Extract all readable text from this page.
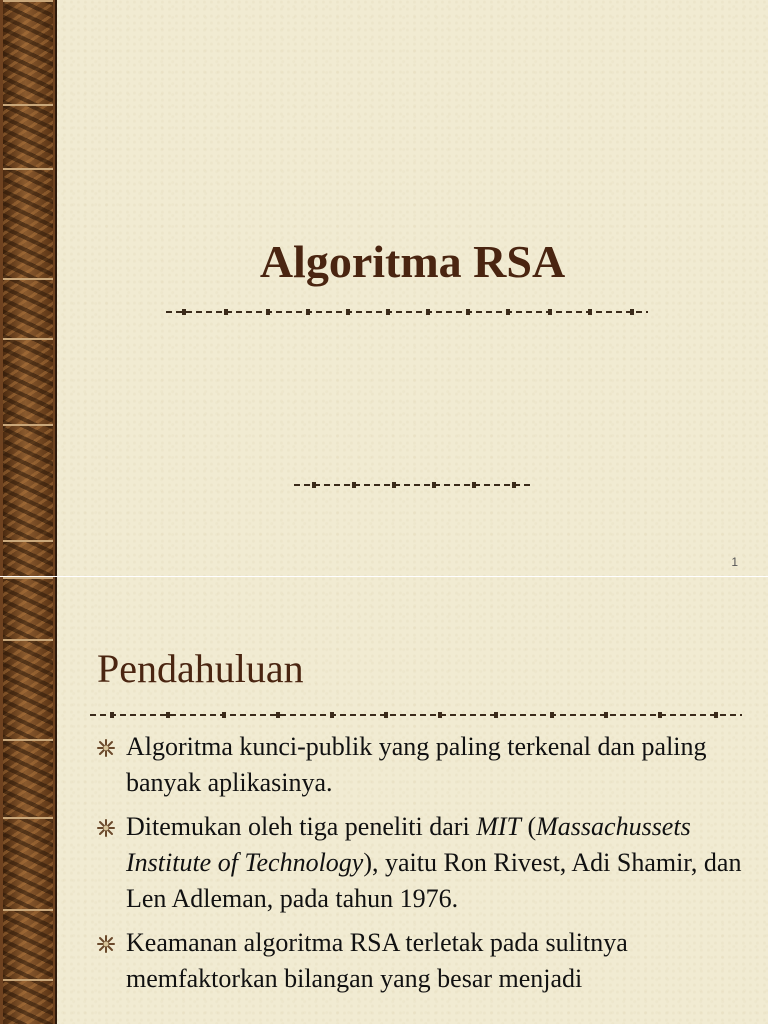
Algoritma RSA
1
Pendahuluan
Algoritma kunci-publik yang paling terkenal dan paling banyak aplikasinya.
Ditemukan oleh tiga peneliti dari MIT (Massachussets Institute of Technology), yaitu Ron Rivest, Adi Shamir, dan Len Adleman, pada tahun 1976.
Keamanan algoritma RSA terletak pada sulitnya memfaktorkan bilangan yang besar menjadi
